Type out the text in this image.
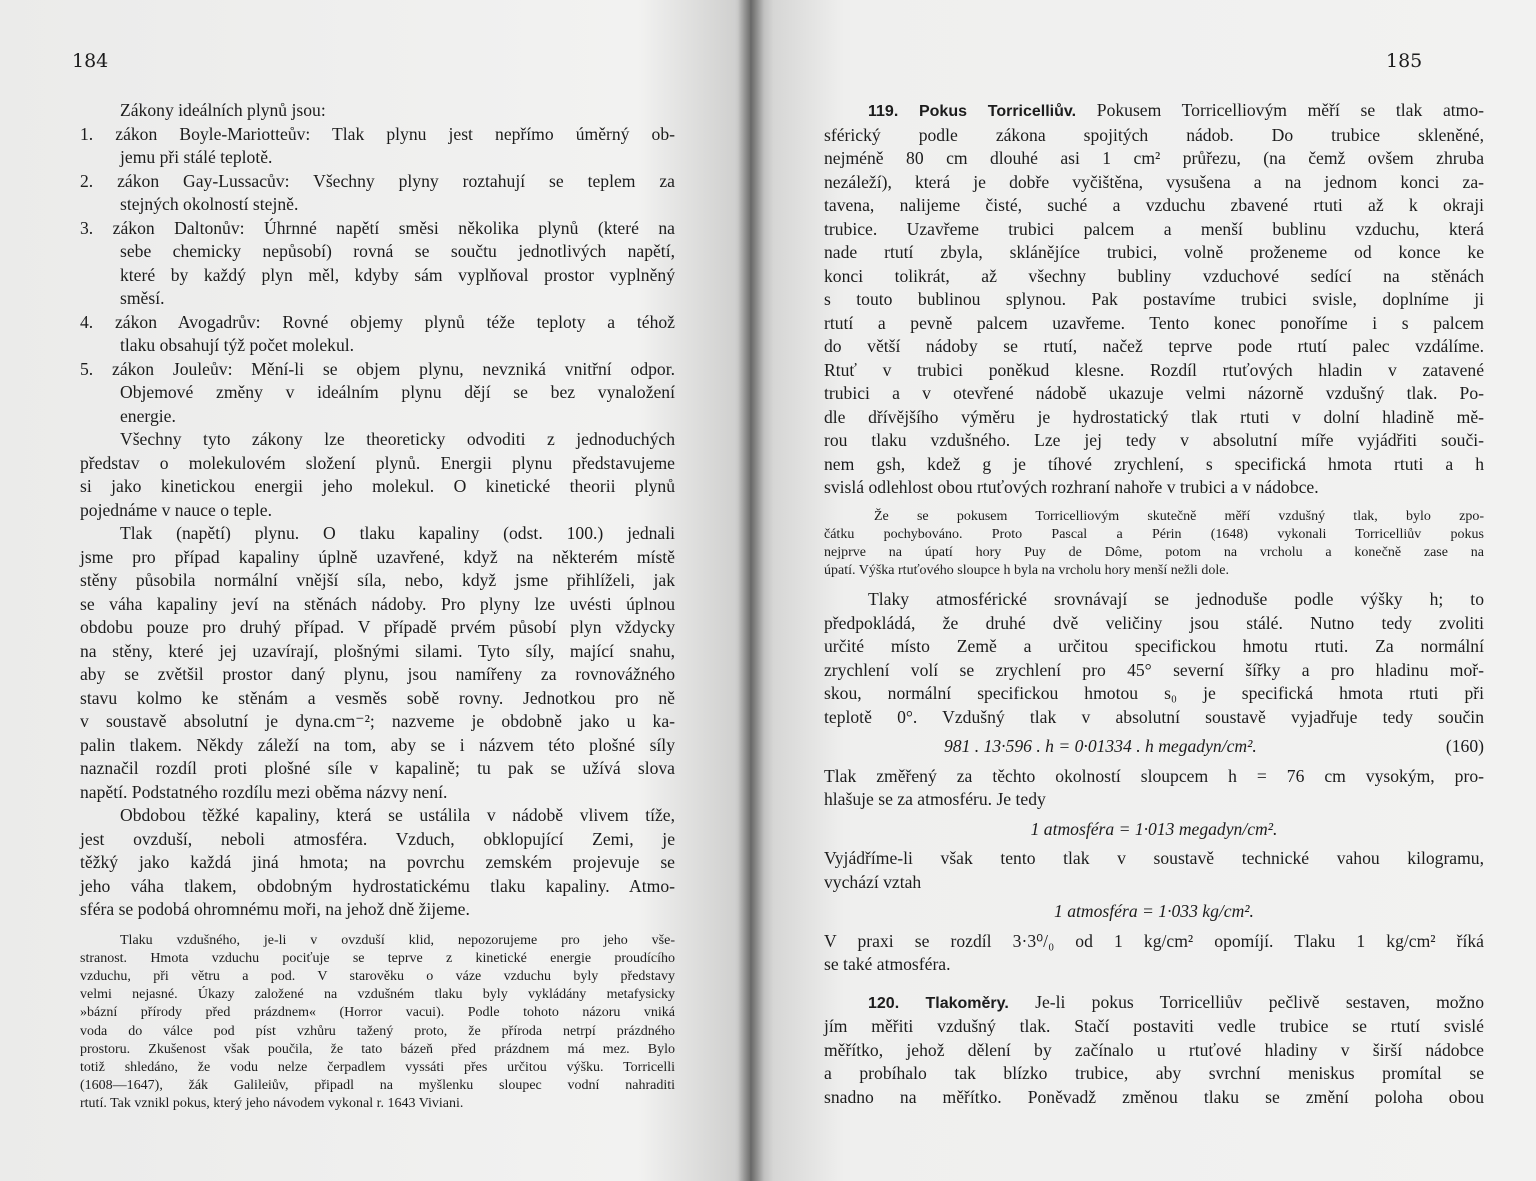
184
Zákony ideálních plynů jsou:
1. zákon Boyle-Mariotteův: Tlak plynu jest nepřímo úměrný ob-
jemu při stálé teplotě.
2. zákon Gay-Lussacův: Všechny plyny roztahují se teplem za
stejných okolností stejně.
3. zákon Daltonův: Úhrnné napětí směsi několika plynů (které na
sebe chemicky nepůsobí) rovná se součtu jednotlivých napětí,
které by každý plyn měl, kdyby sám vyplňoval prostor vyplněný
směsí.
4. zákon Avogadrův: Rovné objemy plynů téže teploty a téhož
tlaku obsahují týž počet molekul.
5. zákon Jouleův: Mění-li se objem plynu, nevzniká vnitřní odpor.
Objemové změny v ideálním plynu dějí se bez vynaložení
energie.
Všechny tyto zákony lze theoreticky odvoditi z jednoduchých
představ o molekulovém složení plynů. Energii plynu představujeme
si jako kinetickou energii jeho molekul. O kinetické theorii plynů
pojednáme v nauce o teple.
Tlak (napětí) plynu. O tlaku kapaliny (odst. 100.) jednali
jsme pro případ kapaliny úplně uzavřené, když na některém místě
stěny působila normální vnější síla, nebo, když jsme přihlíželi, jak
se váha kapaliny jeví na stěnách nádoby. Pro plyny lze uvésti úplnou
obdobu pouze pro druhý případ. V případě prvém působí plyn vždycky
na stěny, které jej uzavírají, plošnými silami. Tyto síly, mající snahu,
aby se zvětšil prostor daný plynu, jsou namířeny za rovnovážného
stavu kolmo ke stěnám a vesměs sobě rovny. Jednotkou pro ně
v soustavě absolutní je dyna.cm⁻²; nazveme je obdobně jako u ka-
palin tlakem. Někdy záleží na tom, aby se i názvem této plošné síly
naznačil rozdíl proti plošné síle v kapalině; tu pak se užívá slova
napětí. Podstatného rozdílu mezi oběma názvy není.
Obdobou těžké kapaliny, která se ustálila v nádobě vlivem tíže,
jest ovzduší, neboli atmosféra. Vzduch, obklopující Zemi, je
těžký jako každá jiná hmota; na povrchu zemském projevuje se
jeho váha tlakem, obdobným hydrostatickému tlaku kapaliny. Atmo-
sféra se podobá ohromnému moři, na jehož dně žijeme.
Tlaku vzdušného, je-li v ovzduší klid, nepozorujeme pro jeho vše-
stranost. Hmota vzduchu pociťuje se teprve z kinetické energie proudícího
vzduchu, při větru a pod. V starověku o váze vzduchu byly představy
velmi nejasné. Úkazy založené na vzdušném tlaku byly vykládány metafysicky
»bázní přírody před prázdnem« (Horror vacui). Podle tohoto názoru vniká
voda do válce pod píst vzhůru tažený proto, že příroda netrpí prázdného
prostoru. Zkušenost však poučila, že tato bázeň před prázdnem má mez. Bylo
totiž shledáno, že vodu nelze čerpadlem vyssáti přes určitou výšku. Torricelli
(1608—1647), žák Galileiův, připadl na myšlenku sloupec vodní nahraditi
rtutí. Tak vznikl pokus, který jeho návodem vykonal r. 1643 Viviani.
185
119. Pokus Torricelliův. Pokusem Torricelliovým měří se tlak atmo-
sférický podle zákona spojitých nádob. Do trubice skleněné,
nejméně 80 cm dlouhé asi 1 cm² průřezu, (na čemž ovšem zhruba
nezáleží), která je dobře vyčištěna, vysušena a na jednom konci za-
tavena, nalijeme čisté, suché a vzduchu zbavené rtuti až k okraji
trubice. Uzavřeme trubici palcem a menší bublinu vzduchu, která
nade rtutí zbyla, sklánějíce trubici, volně proženeme od konce ke
konci tolikrát, až všechny bubliny vzduchové sedící na stěnách
s touto bublinou splynou. Pak postavíme trubici svisle, doplníme ji
rtutí a pevně palcem uzavřeme. Tento konec ponoříme i s palcem
do větší nádoby se rtutí, načež teprve pode rtutí palec vzdálíme.
Rtuť v trubici poněkud klesne. Rozdíl rtuťových hladin v zatavené
trubici a v otevřené nádobě ukazuje velmi názorně vzdušný tlak. Po-
dle dřívějšího výměru je hydrostatický tlak rtuti v dolní hladině mě-
rou tlaku vzdušného. Lze jej tedy v absolutní míře vyjádřiti souči-
nem gsh, kdež g je tíhové zrychlení, s specifická hmota rtuti a h
svislá odlehlost obou rtuťových rozhraní nahoře v trubici a v nádobce.
Že se pokusem Torricelliovým skutečně měří vzdušný tlak, bylo zpo-
čátku pochybováno. Proto Pascal a Périn (1648) vykonali Torricelliův pokus
nejprve na úpatí hory Puy de Dôme, potom na vrcholu a konečně zase na
úpatí. Výška rtuťového sloupce h byla na vrcholu hory menší nežli dole.
Tlaky atmosférické srovnávají se jednoduše podle výšky h; to
předpokládá, že druhé dvě veličiny jsou stálé. Nutno tedy zvoliti
určité místo Země a určitou specifickou hmotu rtuti. Za normální
zrychlení volí se zrychlení pro 45° severní šířky a pro hladinu moř-
skou, normální specifickou hmotou s₀ je specifická hmota rtuti při
teplotě 0°. Vzdušný tlak v absolutní soustavě vyjadřuje tedy součin
981 . 13·596 . h = 0·01334 . h megadyn/cm².	(160)
Tlak změřený za těchto okolností sloupcem h = 76 cm vysokým, pro-
hlašuje se za atmosféru. Je tedy
1 atmosféra = 1·013 megadyn/cm².
Vyjádříme-li však tento tlak v soustavě technické vahou kilogramu,
vychází vztah
1 atmosféra = 1·033 kg/cm².
V praxi se rozdíl 3·3⁰/₀ od 1 kg/cm² opomíjí. Tlaku 1 kg/cm² říká
se také atmosféra.
120. Tlakoměry. Je-li pokus Torricelliův pečlivě sestaven, možno
jím měřiti vzdušný tlak. Stačí postaviti vedle trubice se rtutí svislé
měřítko, jehož dělení by začínalo u rtuťové hladiny v širší nádobce
a probíhalo tak blízko trubice, aby svrchní meniskus promítal se
snadno na měřítko. Poněvadž změnou tlaku se změní poloha obou
